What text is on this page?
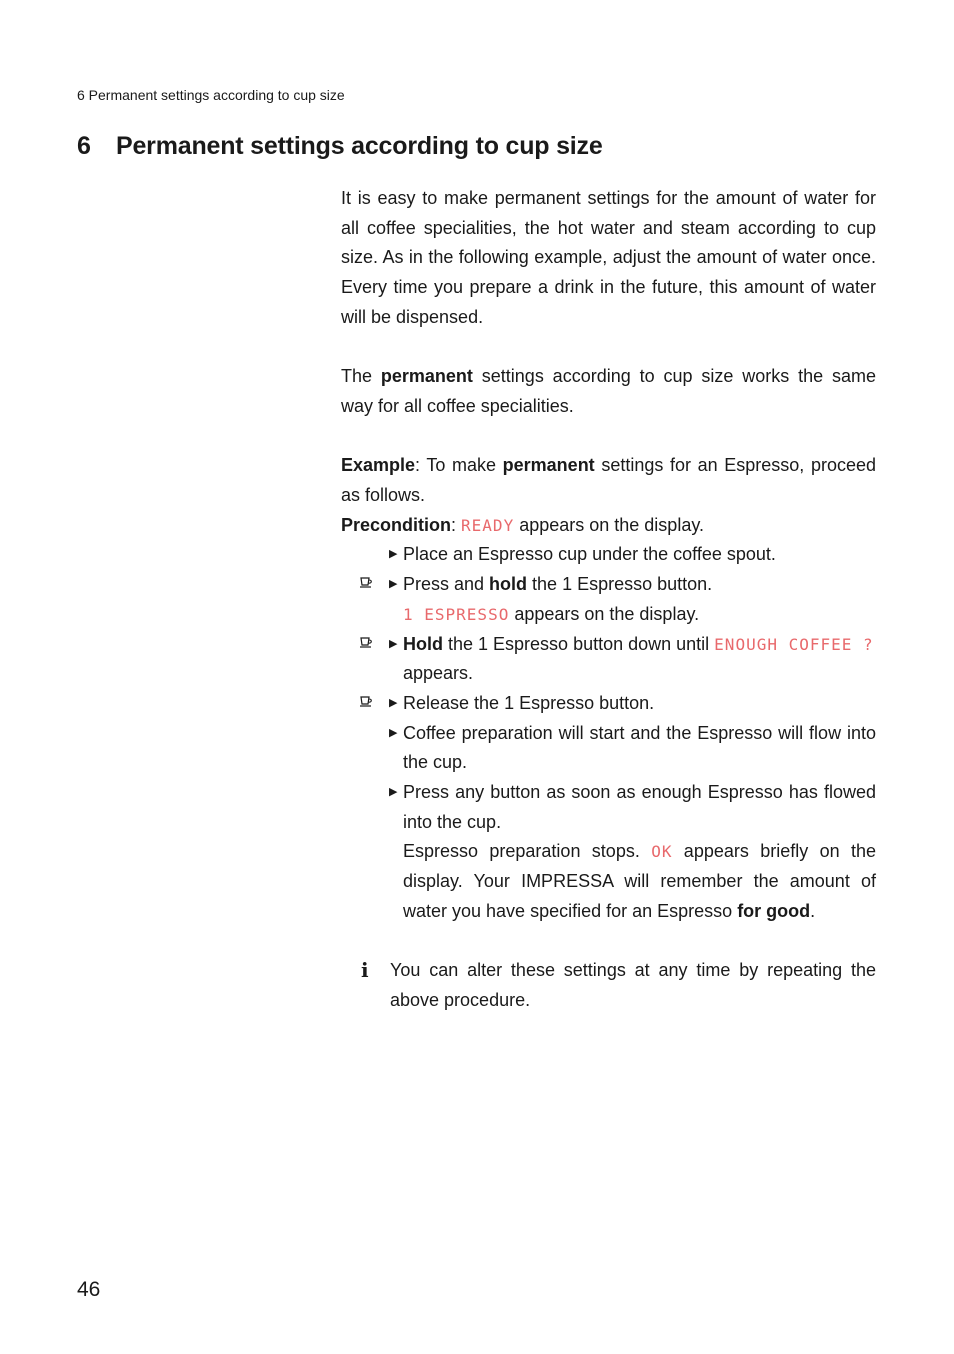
6 Permanent settings according to cup size
6 Permanent settings according to cup size

It is easy to make permanent settings for the amount of water for all coffee specialities, the hot water and steam according to cup size. As in the following example, adjust the amount of water once. Every time you prepare a drink in the future, this amount of water will be dispensed.

The permanent settings according to cup size works the same way for all coffee specialities.

Example: To make permanent settings for an Espresso, proceed as follows.

Precondition: READY appears on the display.

▶ Place an Espresso cup under the coffee spout.
▶ Press and hold the 1 Espresso button.
1 ESPRESSO appears on the display.
▶ Hold the 1 Espresso button down until ENOUGH COFFEE ? appears.
▶ Release the 1 Espresso button.
▶ Coffee preparation will start and the Espresso will flow into the cup.

▶ Press any button as soon as enough Espresso has flowed into the cup.

Espresso preparation stops. OK appears briefly on the display. Your IMPRESSA will remember the amount of water you have specified for an Espresso for good.

i You can alter these settings at any time by repeating the above procedure.

46
